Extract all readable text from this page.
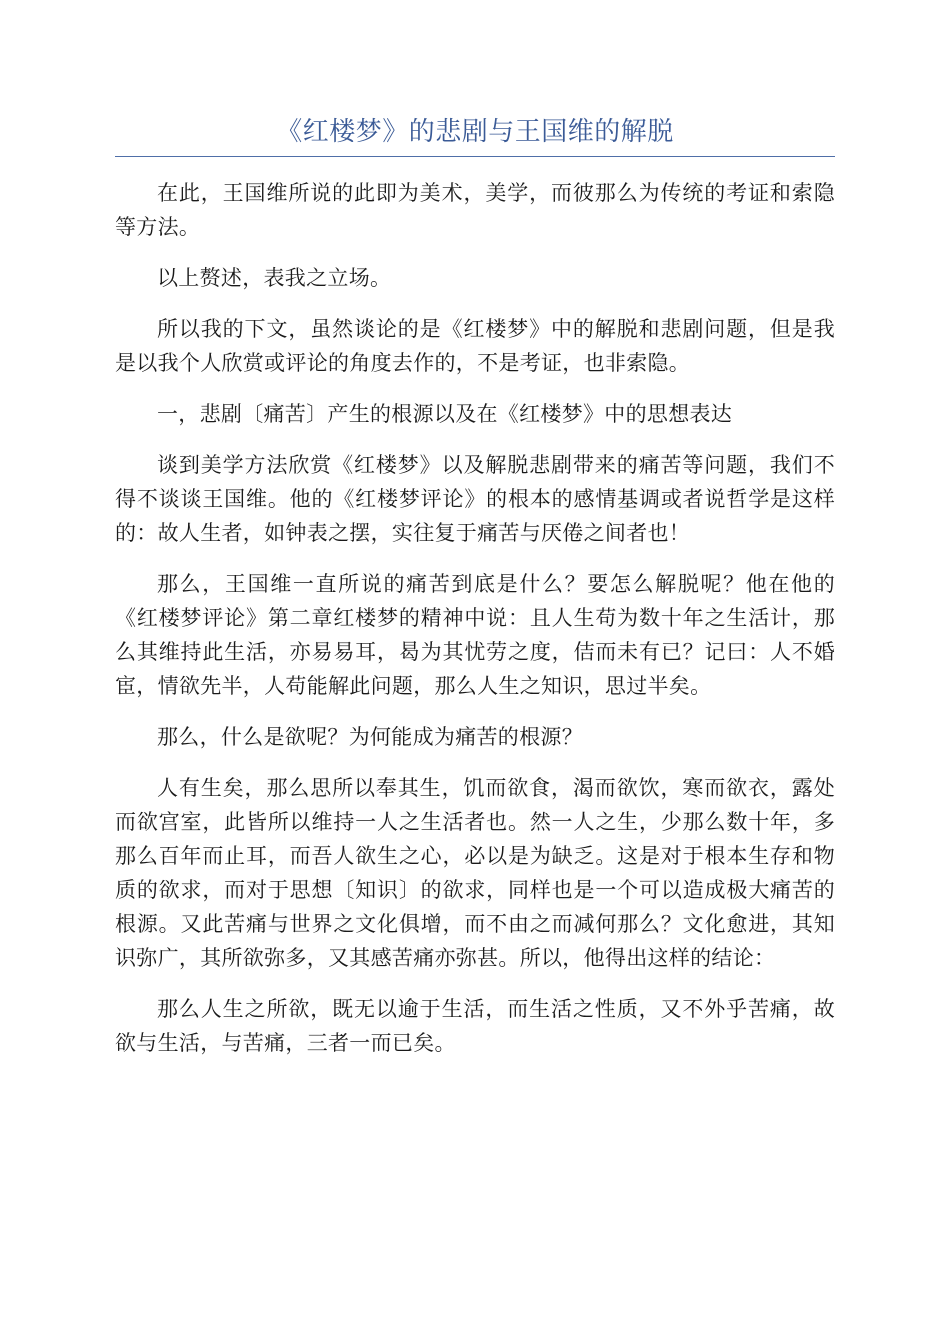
《红楼梦》的悲剧与王国维的解脱

在此，王国维所说的此即为美术，美学，而彼那么为传统的考证和索隐等方法。

以上赘述，表我之立场。

所以我的下文，虽然谈论的是《红楼梦》中的解脱和悲剧问题，但是我是以我个人欣赏或评论的角度去作的，不是考证，也非索隐。

一，悲剧〔痛苦〕产生的根源以及在《红楼梦》中的思想表达

谈到美学方法欣赏《红楼梦》以及解脱悲剧带来的痛苦等问题，我们不得不谈谈王国维。他的《红楼梦评论》的根本的感情基调或者说哲学是这样的：故人生者，如钟表之摆，实往复于痛苦与厌倦之间者也！

那么，王国维一直所说的痛苦到底是什么？要怎么解脱呢？他在他的《红楼梦评论》第二章红楼梦的精神中说：且人生苟为数十年之生活计，那么其维持此生活，亦易易耳，曷为其忧劳之度，佶而未有已？记曰：人不婚宦，情欲先半，人苟能解此问题，那么人生之知识，思过半矣。

那么，什么是欲呢？为何能成为痛苦的根源？

人有生矣，那么思所以奉其生，饥而欲食，渴而欲饮，寒而欲衣，露处而欲宫室，此皆所以维持一人之生活者也。然一人之生，少那么数十年，多那么百年而止耳，而吾人欲生之心，必以是为缺乏。这是对于根本生存和物质的欲求，而对于思想〔知识〕的欲求，同样也是一个可以造成极大痛苦的根源。又此苦痛与世界之文化俱增，而不由之而减何那么？文化愈进，其知识弥广，其所欲弥多，又其感苦痛亦弥甚。所以，他得出这样的结论：

那么人生之所欲，既无以逾于生活，而生活之性质，又不外乎苦痛，故欲与生活，与苦痛，三者一而已矣。
